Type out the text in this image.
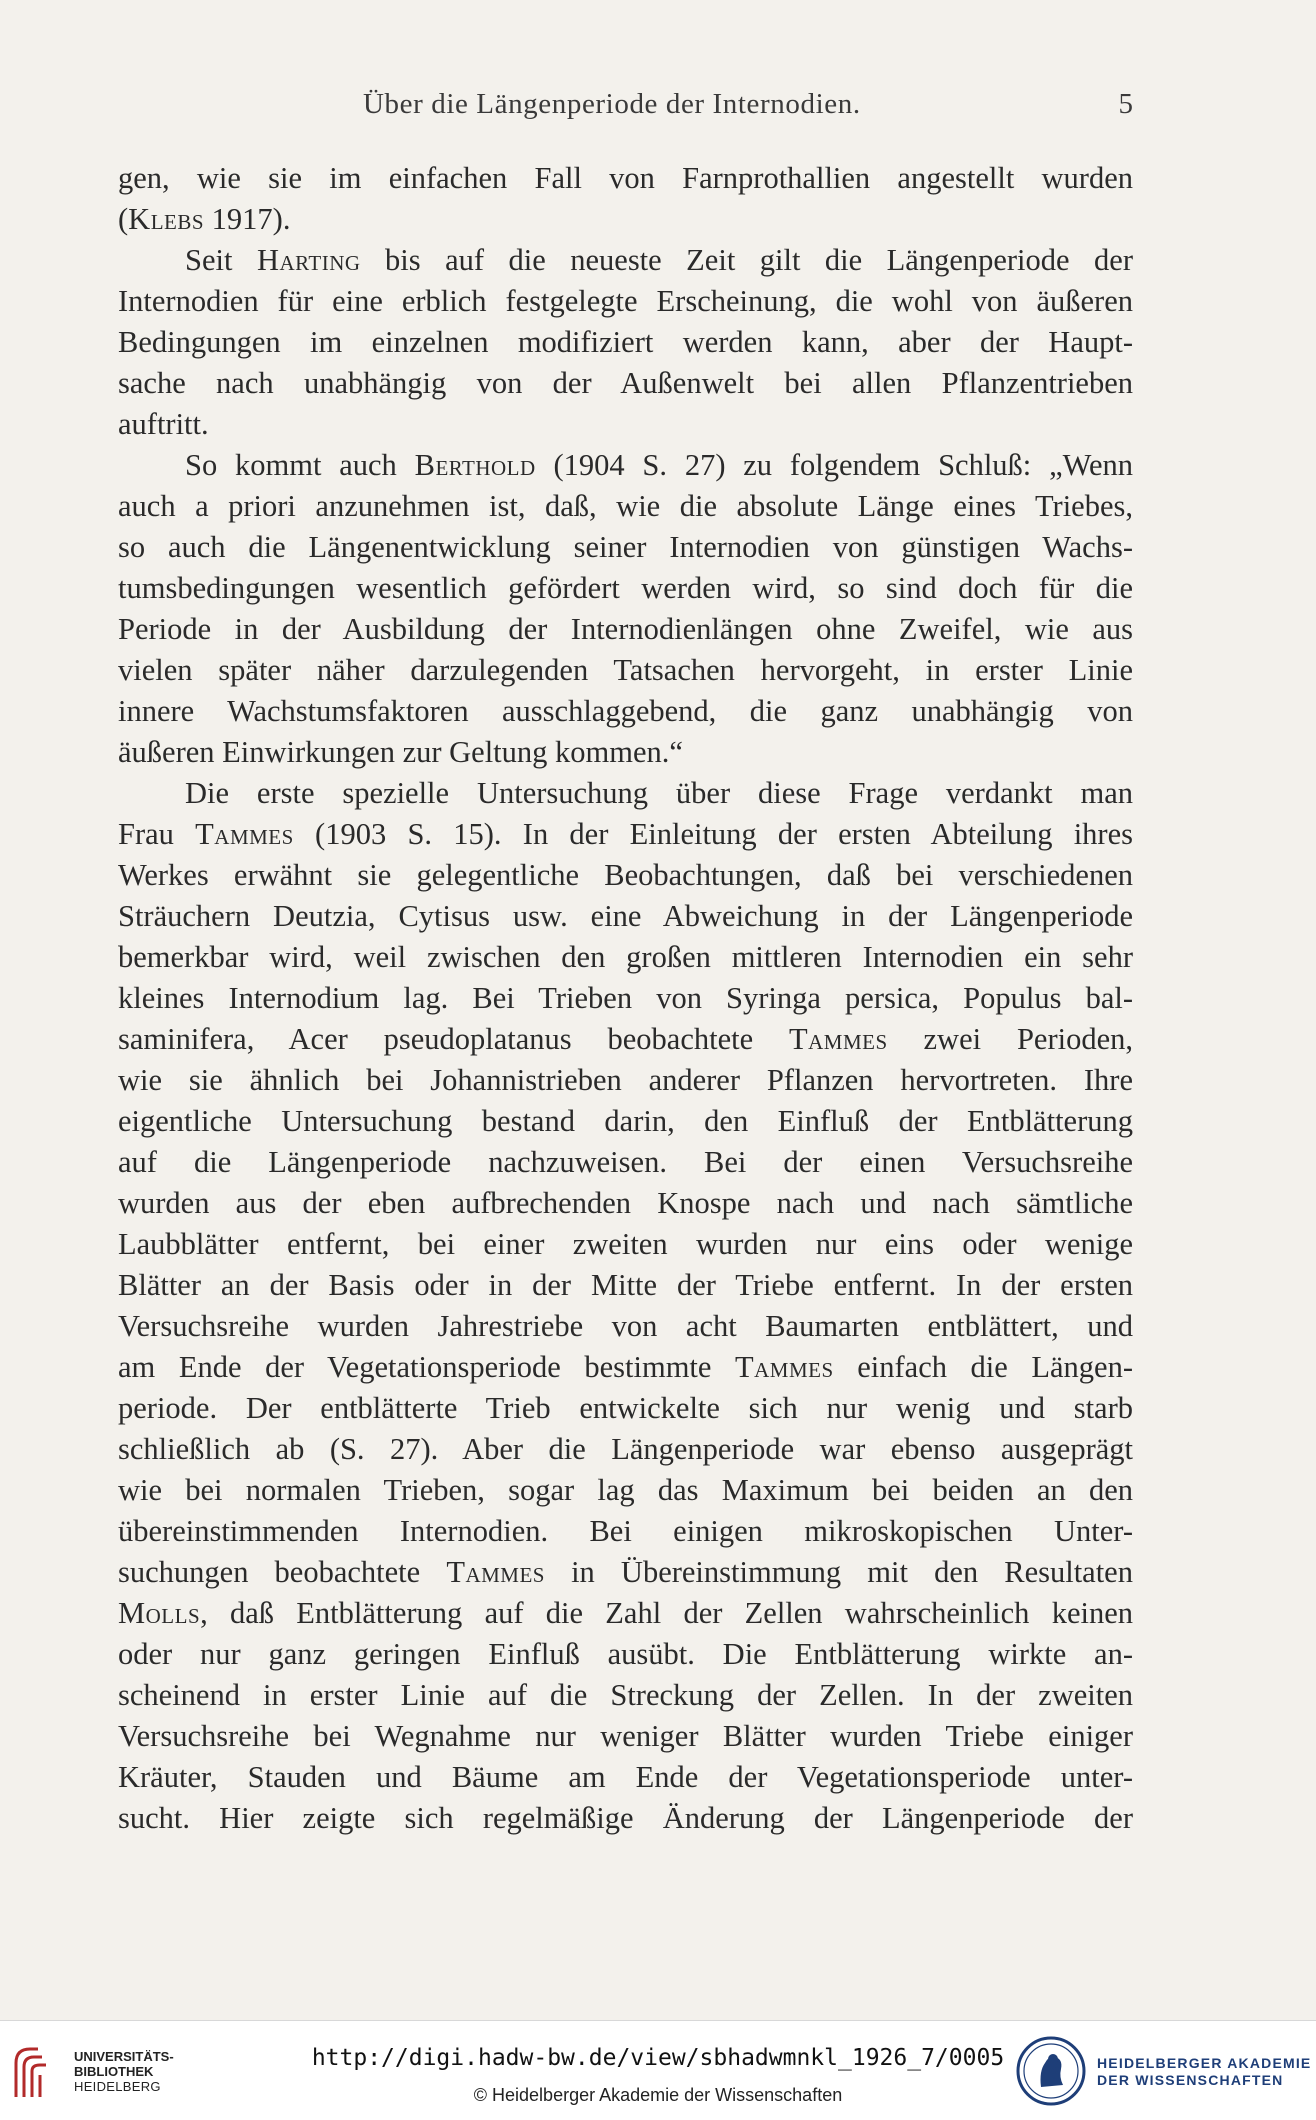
Über die Längenperiode der Internodien.	5
gen, wie sie im einfachen Fall von Farnprothallien angestellt wurden
(Klebs 1917).
Seit Harting bis auf die neueste Zeit gilt die Längenperiode der
Internodien für eine erblich festgelegte Erscheinung, die wohl von äußeren
Bedingungen im einzelnen modifiziert werden kann, aber der Haupt-
sache nach unabhängig von der Außenwelt bei allen Pflanzentrieben
auftritt.
So kommt auch Berthold (1904 S. 27) zu folgendem Schluß: „Wenn
auch a priori anzunehmen ist, daß, wie die absolute Länge eines Triebes,
so auch die Längenentwicklung seiner Internodien von günstigen Wachs-
tumsbedingungen wesentlich gefördert werden wird, so sind doch für die
Periode in der Ausbildung der Internodienlängen ohne Zweifel, wie aus
vielen später näher darzulegenden Tatsachen hervorgeht, in erster Linie
innere Wachstumsfaktoren ausschlaggebend, die ganz unabhängig von
äußeren Einwirkungen zur Geltung kommen.“
Die erste spezielle Untersuchung über diese Frage verdankt man
Frau Tammes (1903 S. 15). In der Einleitung der ersten Abteilung ihres
Werkes erwähnt sie gelegentliche Beobachtungen, daß bei verschiedenen
Sträuchern Deutzia, Cytisus usw. eine Abweichung in der Längenperiode
bemerkbar wird, weil zwischen den großen mittleren Internodien ein sehr
kleines Internodium lag. Bei Trieben von Syringa persica, Populus bal-
saminifera, Acer pseudoplatanus beobachtete Tammes zwei Perioden,
wie sie ähnlich bei Johannistrieben anderer Pflanzen hervortreten. Ihre
eigentliche Untersuchung bestand darin, den Einfluß der Entblätterung
auf die Längenperiode nachzuweisen. Bei der einen Versuchsreihe
wurden aus der eben aufbrechenden Knospe nach und nach sämtliche
Laubblätter entfernt, bei einer zweiten wurden nur eins oder wenige
Blätter an der Basis oder in der Mitte der Triebe entfernt. In der ersten
Versuchsreihe wurden Jahrestriebe von acht Baumarten entblättert, und
am Ende der Vegetationsperiode bestimmte Tammes einfach die Längen-
periode. Der entblätterte Trieb entwickelte sich nur wenig und starb
schließlich ab (S. 27). Aber die Längenperiode war ebenso ausgeprägt
wie bei normalen Trieben, sogar lag das Maximum bei beiden an den
übereinstimmenden Internodien. Bei einigen mikroskopischen Unter-
suchungen beobachtete Tammes in Übereinstimmung mit den Resultaten
Molls, daß Entblätterung auf die Zahl der Zellen wahrscheinlich keinen
oder nur ganz geringen Einfluß ausübt. Die Entblätterung wirkte an-
scheinend in erster Linie auf die Streckung der Zellen. In der zweiten
Versuchsreihe bei Wegnahme nur weniger Blätter wurden Triebe einiger
Kräuter, Stauden und Bäume am Ende der Vegetationsperiode unter-
sucht. Hier zeigte sich regelmäßige Änderung der Längenperiode der
UNIVERSITÄTS-
BIBLIOTHEK
HEIDELBERG
http://digi.hadw-bw.de/view/sbhadwmnkl_1926_7/0005
© Heidelberger Akademie der Wissenschaften
HEIDELBERGER AKADEMIE
DER WISSENSCHAFTEN
